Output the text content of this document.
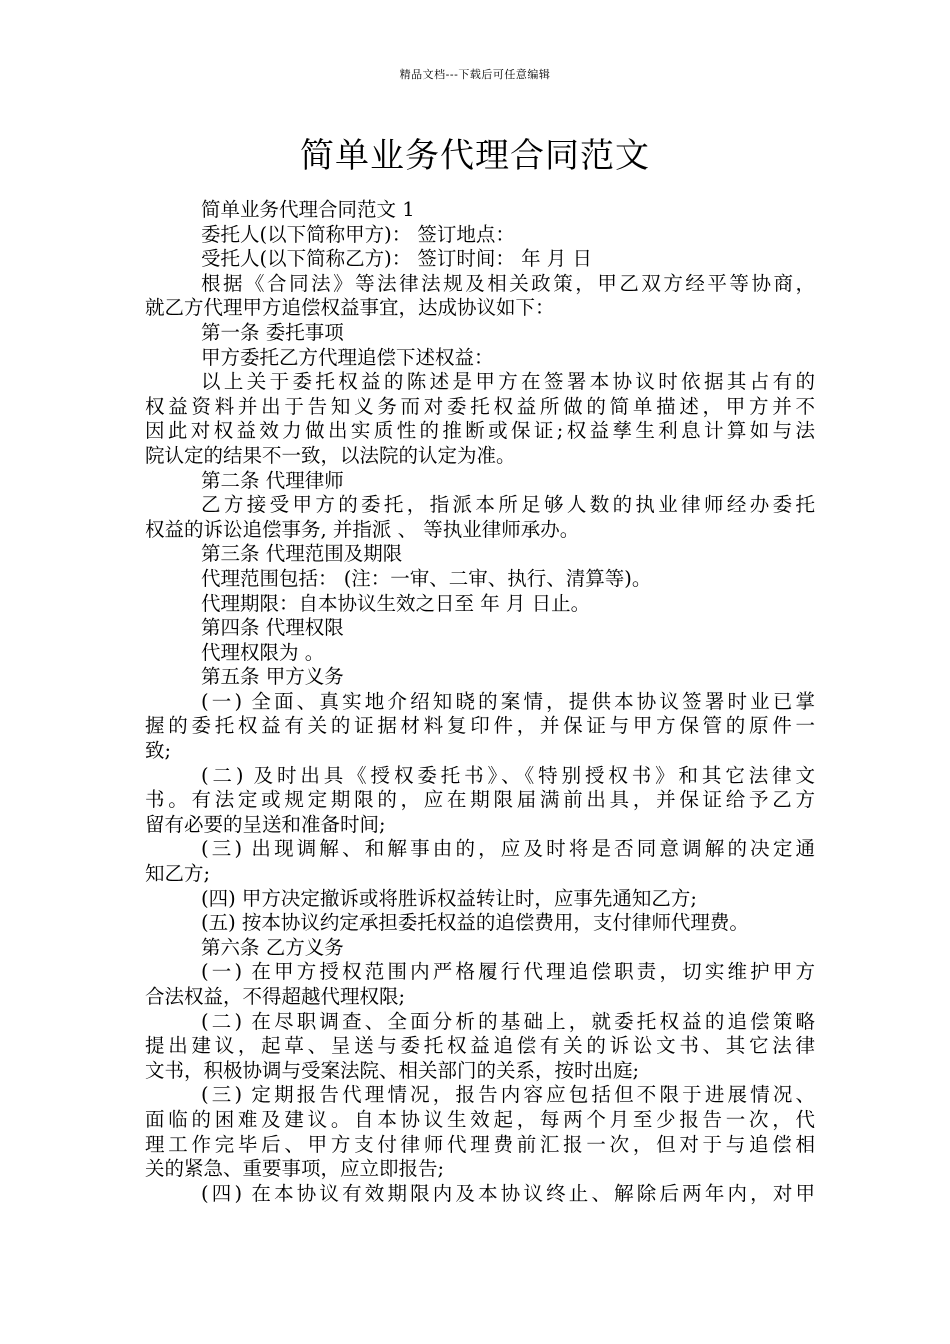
精品文档---下载后可任意编辑
简单业务代理合同范文
简单业务代理合同范文 1
委托人(以下简称甲方)： 签订地点：
受托人(以下简称乙方)： 签订时间： 年 月 日
根据《合同法》等法律法规及相关政策，甲乙双方经平等协商，
就乙方代理甲方追偿权益事宜，达成协议如下：
第一条 委托事项
甲方委托乙方代理追偿下述权益：
以上关于委托权益的陈述是甲方在签署本协议时依据其占有的
权益资料并出于告知义务而对委托权益所做的简单描述，甲方并不
因此对权益效力做出实质性的推断或保证;权益孳生利息计算如与法
院认定的结果不一致，以法院的认定为准。
第二条 代理律师
乙方接受甲方的委托，指派本所足够人数的执业律师经办委托
权益的诉讼追偿事务, 并指派 、 等执业律师承办。
第三条 代理范围及期限
代理范围包括： (注：一审、二审、执行、清算等)。
代理期限：自本协议生效之日至 年 月 日止。
第四条 代理权限
代理权限为 。
第五条 甲方义务
(一) 全面、真实地介绍知晓的案情，提供本协议签署时业已掌
握的委托权益有关的证据材料复印件，并保证与甲方保管的原件一
致;
(二) 及时出具《授权委托书》、《特别授权书》和其它法律文
书。有法定或规定期限的，应在期限届满前出具，并保证给予乙方
留有必要的呈送和准备时间;
(三) 出现调解、和解事由的，应及时将是否同意调解的决定通
知乙方;
(四) 甲方决定撤诉或将胜诉权益转让时，应事先通知乙方;
(五) 按本协议约定承担委托权益的追偿费用，支付律师代理费。
第六条 乙方义务
(一) 在甲方授权范围内严格履行代理追偿职责，切实维护甲方
合法权益，不得超越代理权限;
(二) 在尽职调查、全面分析的基础上，就委托权益的追偿策略
提出建议，起草、呈送与委托权益追偿有关的诉讼文书、其它法律
文书，积极协调与受案法院、相关部门的关系，按时出庭;
(三) 定期报告代理情况，报告内容应包括但不限于进展情况、
面临的困难及建议。自本协议生效起，每两个月至少报告一次，代
理工作完毕后、甲方支付律师代理费前汇报一次，但对于与追偿相
关的紧急、重要事项，应立即报告;
(四) 在本协议有效期限内及本协议终止、解除后两年内，对甲
